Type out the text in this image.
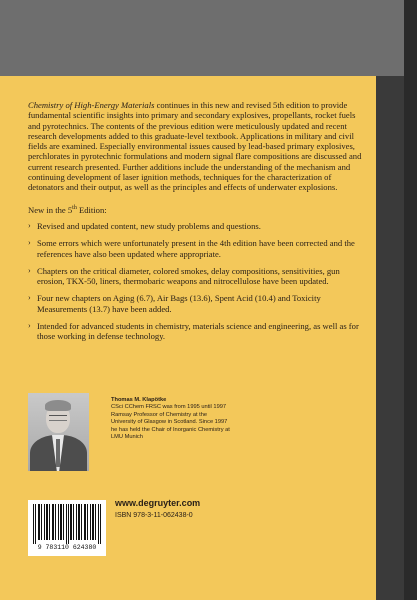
Chemistry of High-Energy Materials continues in this new and revised 5th edition to provide fundamental scientific insights into primary and secondary explosives, propellants, rocket fuels and pyrotechnics. The contents of the previous edition were meticulously updated and recent research developments added to this graduate-level textbook. Applications in military and civil fields are examined. Especially environmental issues caused by lead-based primary explosives, perchlorates in pyrotechnic formulations and modern signal flare compositions are discussed and current research presented. Further additions include the understanding of the mechanism and continuing development of laser ignition methods, techniques for the characterization of detonators and their output, as well as the principles and effects of underwater explosions.

New in the 5th Edition:

› Revised and updated content, new study problems and questions.
› Some errors which were unfortunately present in the 4th edition have been corrected and the references have also been updated where appropriate.
› Chapters on the critical diameter, colored smokes, delay compositions, sensitivities, gun erosion, TKX-50, liners, thermobaric weapons and nitrocellulose have been updated.
› Four new chapters on Aging (6.7), Air Bags (13.6), Spent Acid (10.4) and Toxicity Measurements (13.7) have been added.
› Intended for advanced students in chemistry, materials science and engineering, as well as for those working in defense technology.
Thomas M. Klapötke
CSci CChem FRSC was from 1995 until 1997 Ramsay Professor of Chemistry at the University of Glasgow in Scotland. Since 1997 he has held the Chair of Inorganic Chemistry at LMU Munich
9 783110 624380
www.degruyter.com
ISBN 978-3-11-062438-0
